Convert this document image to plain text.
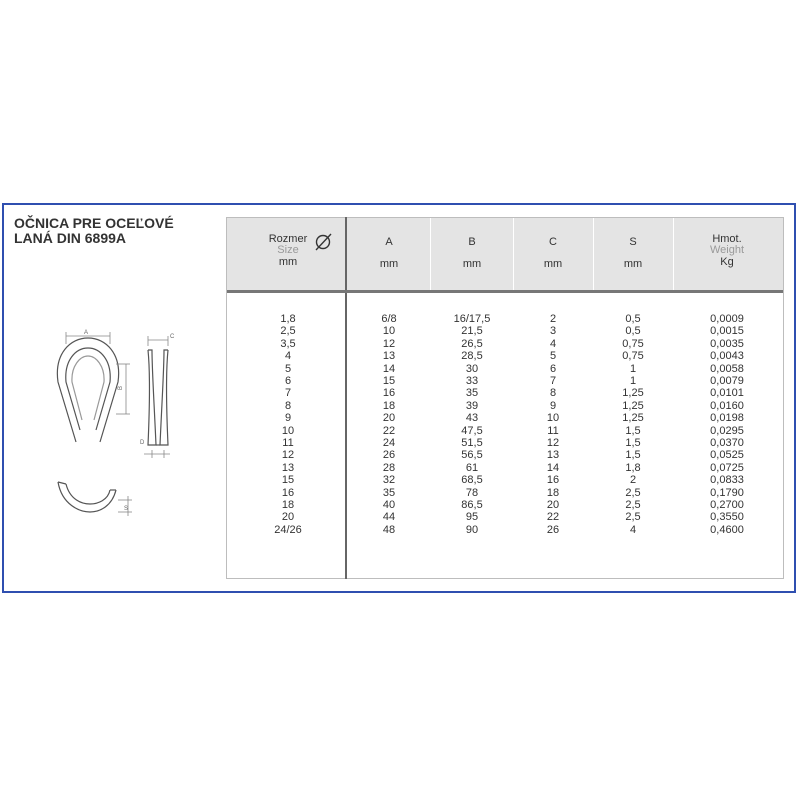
OČNICA PRE OCEĽOVÉ
LANÁ DIN 6899A
A
B
C
D
S
Rozmer
Size
mm
A
mm
B
mm
C
mm
S
mm
Hmot.
Weight
Kg
1,8	6/8	16/17,5	2	0,5	0,0009
2,5	10	21,5	3	0,5	0,0015
3,5	12	26,5	4	0,75	0,0035
4	13	28,5	5	0,75	0,0043
5	14	30	6	1	0,0058
6	15	33	7	1	0,0079
7	16	35	8	1,25	0,0101
8	18	39	9	1,25	0,0160
9	20	43	10	1,25	0,0198
10	22	47,5	11	1,5	0,0295
11	24	51,5	12	1,5	0,0370
12	26	56,5	13	1,5	0,0525
13	28	61	14	1,8	0,0725
15	32	68,5	16	2	0,0833
16	35	78	18	2,5	0,1790
18	40	86,5	20	2,5	0,2700
20	44	95	22	2,5	0,3550
24/26	48	90	26	4	0,4600
